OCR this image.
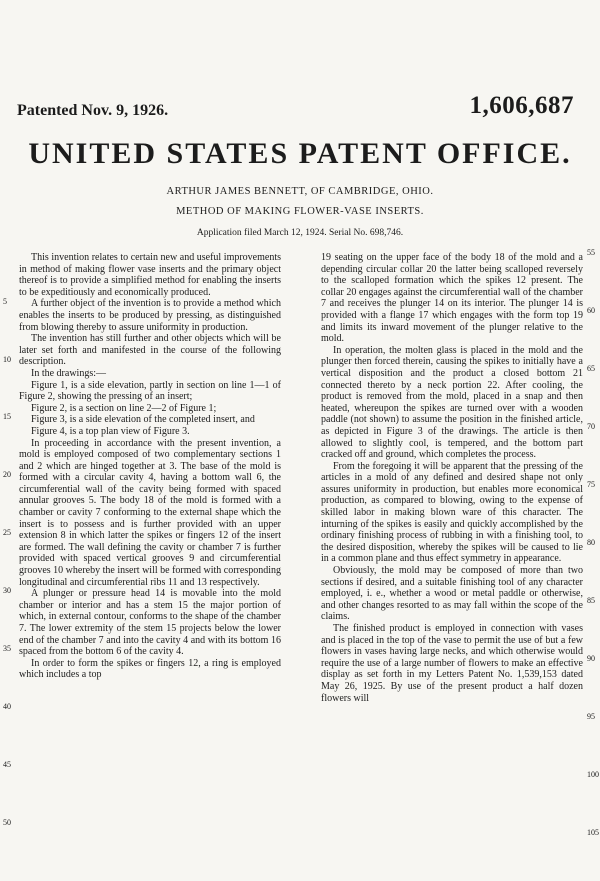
Patented Nov. 9, 1926.	1,606,687
UNITED STATES PATENT OFFICE.
ARTHUR JAMES BENNETT, OF CAMBRIDGE, OHIO.
METHOD OF MAKING FLOWER-VASE INSERTS.
Application filed March 12, 1924. Serial No. 698,746.

This invention relates to certain new and useful improvements in method of making flower vase inserts and the primary object thereof is to provide a simplified method for enabling the inserts to be expeditiously and economically produced.

A further object of the invention is to provide a method which enables the inserts to be produced by pressing, as distinguished from blowing thereby to assure uniformity in production.

The invention has still further and other objects which will be later set forth and manifested in the course of the following description.

In the drawings:—

Figure 1, is a side elevation, partly in section on line 1—1 of Figure 2, showing the pressing of an insert;

Figure 2, is a section on line 2—2 of Figure 1;

Figure 3, is a side elevation of the completed insert, and

Figure 4, is a top plan view of Figure 3.

In proceeding in accordance with the present invention, a mold is employed composed of two complementary sections 1 and 2 which are hinged together at 3. The base of the mold is formed with a circular cavity 4, having a bottom wall 6, the circumferential wall of the cavity being formed with spaced annular grooves 5. The body 18 of the mold is formed with a chamber or cavity 7 conforming to the external shape which the insert is to possess and is further provided with an upper extension 8 in which latter the spikes or fingers 12 of the insert are formed. The wall defining the cavity or chamber 7 is further provided with spaced vertical grooves 9 and circumferential grooves 10 whereby the insert will be formed with corresponding longitudinal and circumferential ribs 11 and 13 respectively.

A plunger or pressure head 14 is movable into the mold chamber or interior and has a stem 15 the major portion of which, in external contour, conforms to the shape of the chamber 7. The lower extremity of the stem 15 projects below the lower end of the chamber 7 and into the cavity 4 and with its bottom 16 spaced from the bottom 6 of the cavity 4.

In order to form the spikes or fingers 12, a ring is employed which includes a top

19 seating on the upper face of the body 18 of the mold and a depending circular collar 20 the latter being scalloped reversely to the scalloped formation which the spikes 12 present. The collar 20 engages against the circumferential wall of the chamber 7 and receives the plunger 14 on its interior. The plunger 14 is provided with a flange 17 which engages with the form top 19 and limits its inward movement of the plunger relative to the mold.

In operation, the molten glass is placed in the mold and the plunger then forced therein, causing the spikes to initially have a vertical disposition and the product a closed bottom 21 connected thereto by a neck portion 22. After cooling, the product is removed from the mold, placed in a snap and then heated, whereupon the spikes are turned over with a wooden paddle (not shown) to assume the position in the finished article, as depicted in Figure 3 of the drawings. The article is then allowed to slightly cool, is tempered, and the bottom part cracked off and ground, which completes the process.

From the foregoing it will be apparent that the pressing of the articles in a mold of any defined and desired shape not only assures uniformity in production, but enables more economical production, as compared to blowing, owing to the expense of skilled labor in making blown ware of this character. The inturning of the spikes is easily and quickly accomplished by the ordinary finishing process of rubbing in with a finishing tool, to the desired disposition, whereby the spikes will be caused to lie in a common plane and thus effect symmetry in appearance.

Obviously, the mold may be composed of more than two sections if desired, and a suitable finishing tool of any character employed, i. e., whether a wood or metal paddle or otherwise, and other changes resorted to as may fall within the scope of the claims.

The finished product is employed in connection with vases and is placed in the top of the vase to permit the use of but a few flowers in vases having large necks, and which otherwise would require the use of a large number of flowers to make an effective display as set forth in my Letters Patent No. 1,539,153 dated May 26, 1925. By use of the present product a half dozen flowers will

5
10
15
20
25
30
35
40
45
50
55
60
65
70
75
80
85
90
95
100
105
